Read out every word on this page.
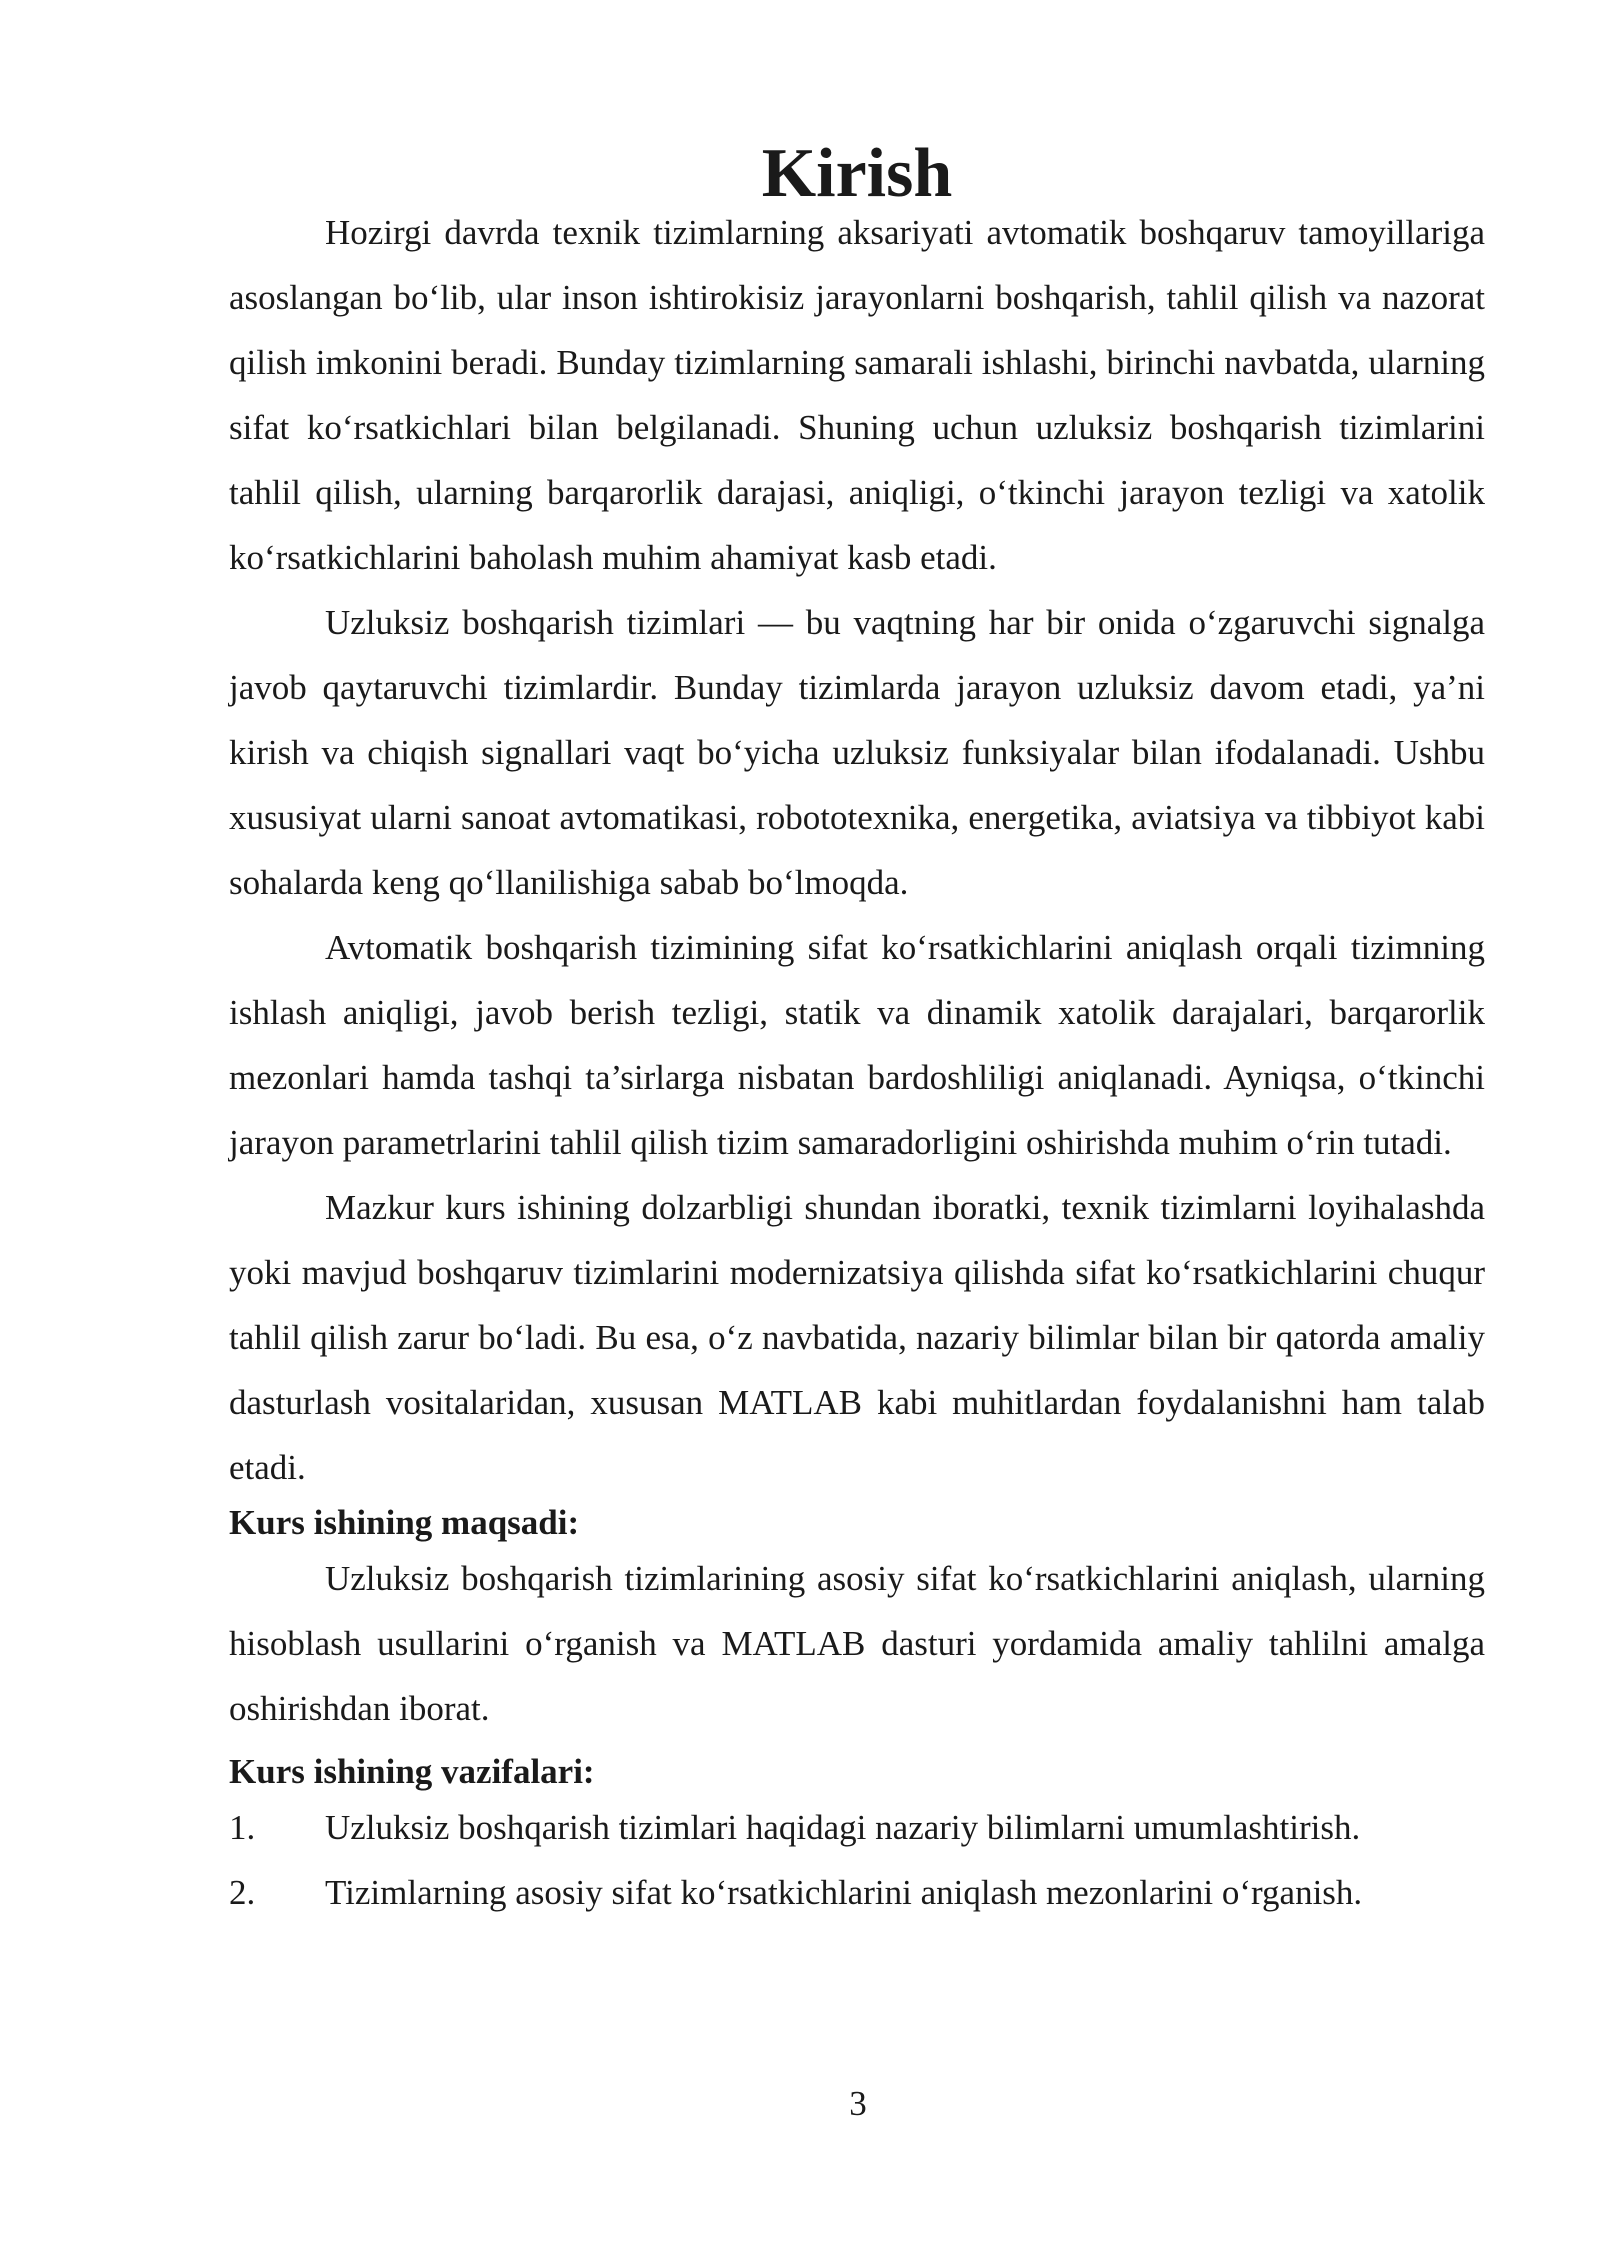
Kirish

Hozirgi davrda texnik tizimlarning aksariyati avtomatik boshqaruv tamoyillariga asoslangan bo‘lib, ular inson ishtirokisiz jarayonlarni boshqarish, tahlil qilish va nazorat qilish imkonini beradi. Bunday tizimlarning samarali ishlashi, birinchi navbatda, ularning sifat ko‘rsatkichlari bilan belgilanadi. Shuning uchun uzluksiz boshqarish tizimlarini tahlil qilish, ularning barqarorlik darajasi, aniqligi, o‘tkinchi jarayon tezligi va xatolik ko‘rsatkichlarini baholash muhim ahamiyat kasb etadi.

Uzluksiz boshqarish tizimlari — bu vaqtning har bir onida o‘zgaruvchi signalga javob qaytaruvchi tizimlardir. Bunday tizimlarda jarayon uzluksiz davom etadi, ya’ni kirish va chiqish signallari vaqt bo‘yicha uzluksiz funksiyalar bilan ifodalanadi. Ushbu xususiyat ularni sanoat avtomatikasi, robototexnika, energetika, aviatsiya va tibbiyot kabi sohalarda keng qo‘llanilishiga sabab bo‘lmoqda.

Avtomatik boshqarish tizimining sifat ko‘rsatkichlarini aniqlash orqali tizimning ishlash aniqligi, javob berish tezligi, statik va dinamik xatolik darajalari, barqarorlik mezonlari hamda tashqi ta’sirlarga nisbatan bardoshliligi aniqlanadi. Ayniqsa, o‘tkinchi jarayon parametrlarini tahlil qilish tizim samaradorligini oshirishda muhim o‘rin tutadi.

Mazkur kurs ishining dolzarbligi shundan iboratki, texnik tizimlarni loyihalashda yoki mavjud boshqaruv tizimlarini modernizatsiya qilishda sifat ko‘rsatkichlarini chuqur tahlil qilish zarur bo‘ladi. Bu esa, o‘z navbatida, nazariy bilimlar bilan bir qatorda amaliy dasturlash vositalaridan, xususan MATLAB kabi muhitlardan foydalanishni ham talab etadi.

Kurs ishining maqsadi:

Uzluksiz boshqarish tizimlarining asosiy sifat ko‘rsatkichlarini aniqlash, ularning hisoblash usullarini o‘rganish va MATLAB dasturi yordamida amaliy tahlilni amalga oshirishdan iborat.

Kurs ishining vazifalari:
1.	Uzluksiz boshqarish tizimlari haqidagi nazariy bilimlarni umumlashtirish.
2.	Tizimlarning asosiy sifat ko‘rsatkichlarini aniqlash mezonlarini o‘rganish.
3
